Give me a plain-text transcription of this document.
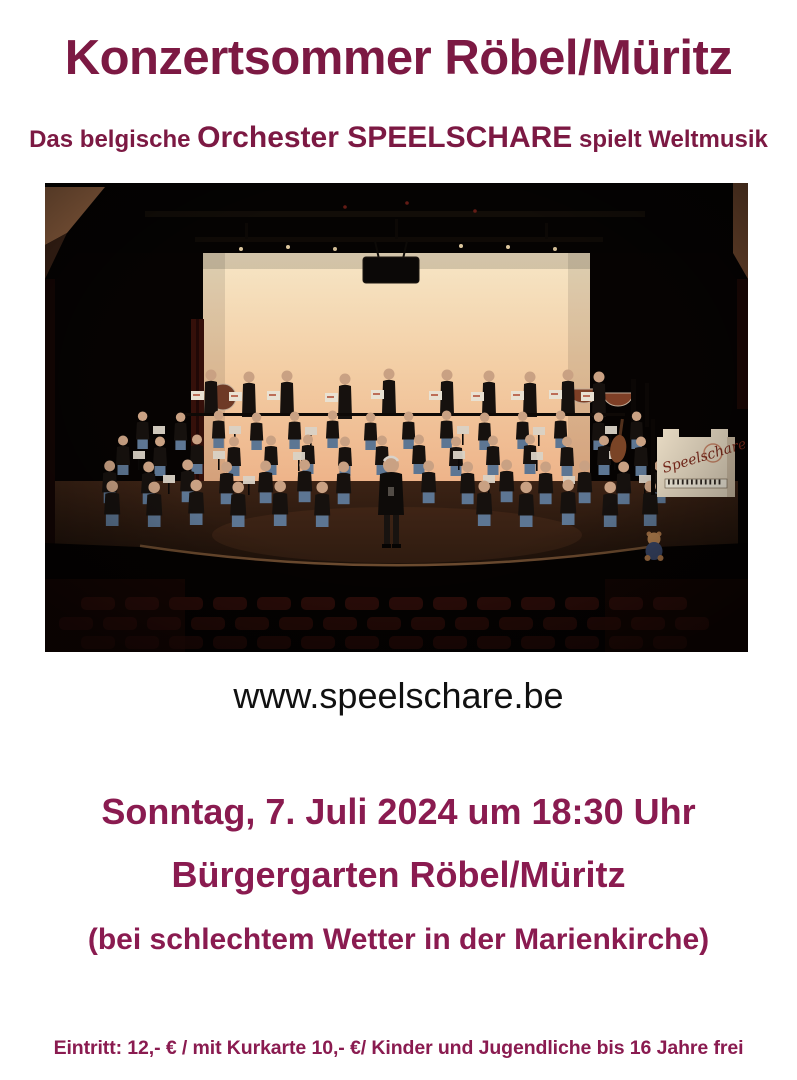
Konzertsommer Röbel/Müritz

Das belgische Orchester SPEELSCHARE spielt Weltmusik

www.speelschare.be

Sonntag, 7. Juli 2024 um 18:30 Uhr

Bürgergarten Röbel/Müritz

(bei schlechtem Wetter in der Marienkirche)

Eintritt: 12,- € / mit Kurkarte 10,- €/ Kinder und Jugendliche bis 16 Jahre frei
